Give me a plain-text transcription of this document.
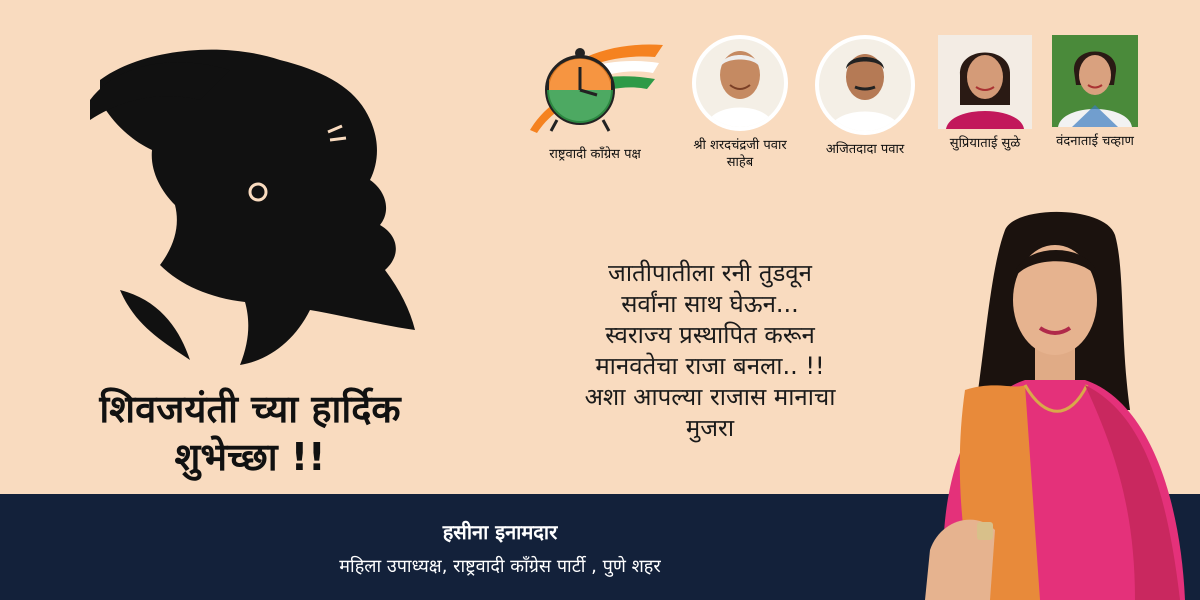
शिवजयंती च्या हार्दिक
शुभेच्छा !!
राष्ट्रवादी कॉंग्रेस पक्ष
श्री शरदचंद्रजी पवार साहेब
अजितदादा पवार	सुप्रियाताई सुळे	वंदनाताई चव्हाण
जातीपातीला रनी तुडवून
सर्वांना साथ घेऊन...
स्वराज्य प्रस्थापित करून
मानवतेचा राजा बनला.. !!
अशा आपल्या राजास मानाचा
मुजरा
हसीना इनामदार
महिला उपाध्यक्ष, राष्ट्रवादी कॉंग्रेस पार्टी , पुणे शहर
